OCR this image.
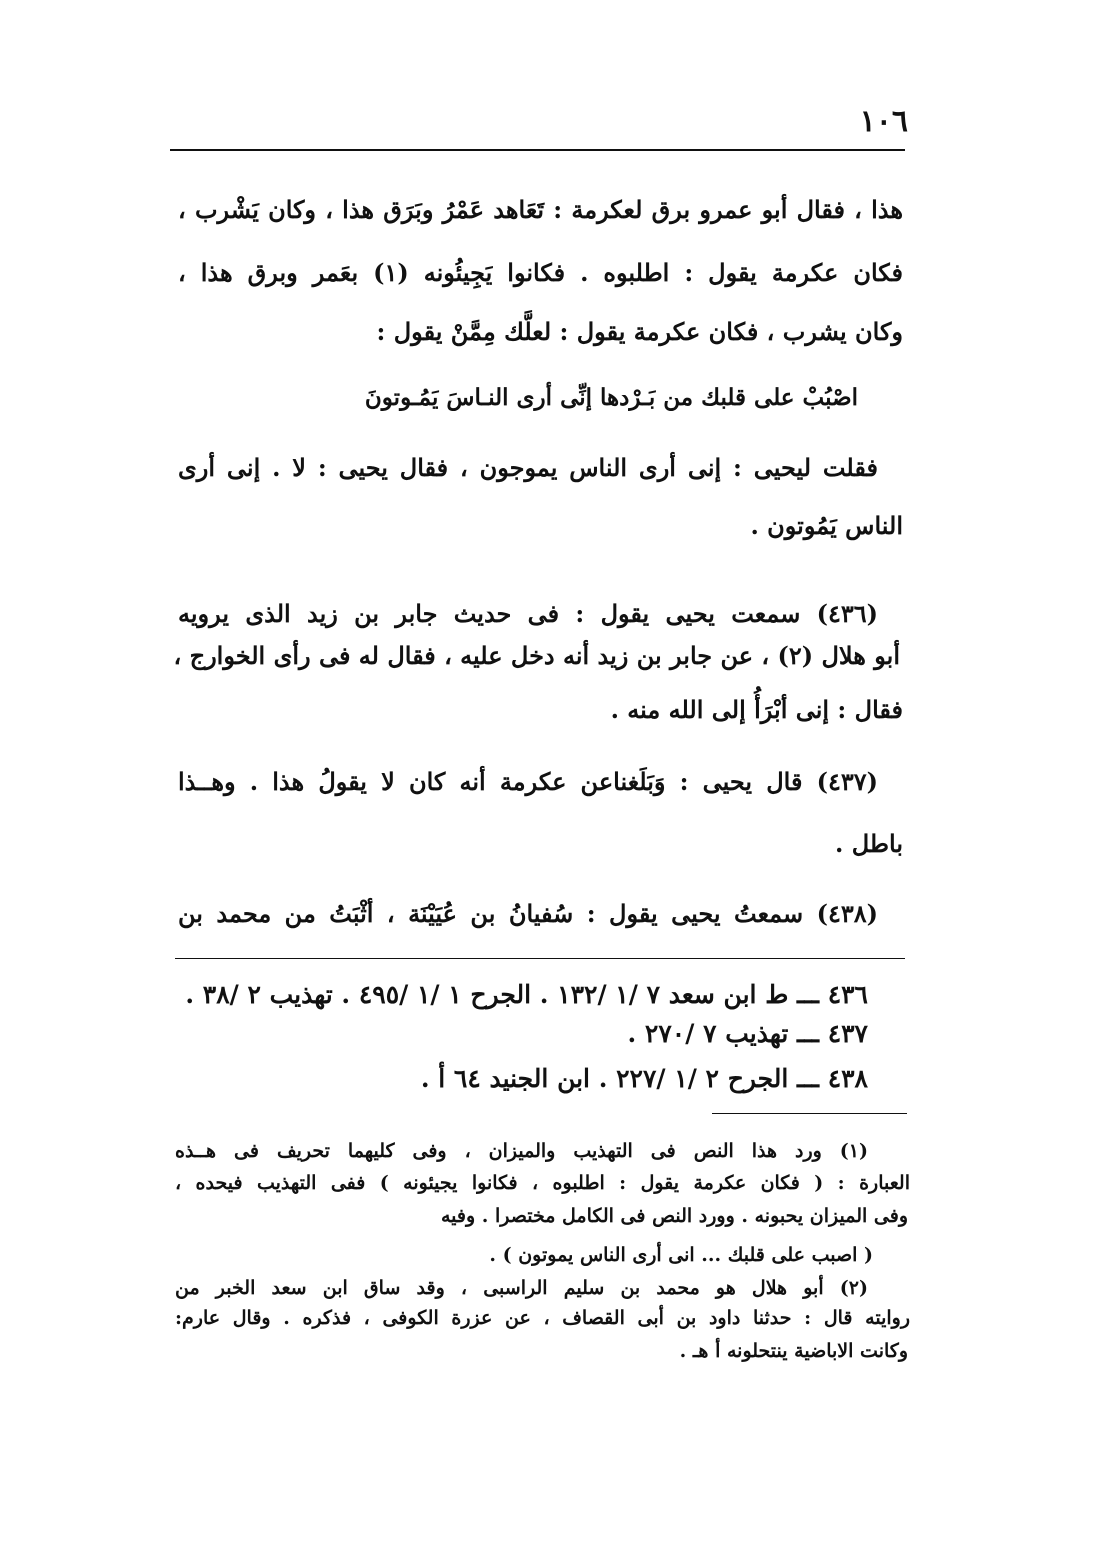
١٠٦
هذا ، فقال أبو عمرو برق لعكرمة : تَعَاهد عَمْرُ وبَرَق هذا ، وكان يَشْرب ،
فكان عكرمة يقول : اطلبوه . فكانوا يَجِيئُونه (١) بعَمر وبرق هذا ،
وكان يشرب ، فكان عكرمة يقول : لعلَّك مِمَّنْ يقول :
اصْبُبْ على قلبك من بَـرْدها إنِّى أرى النـاسَ يَمُـوتونَ
فقلت ليحيى : إنى أرى الناس يموجون ، فقال يحيى : لا . إنى أرى
الناس يَمُوتون .
(٤٣٦) سمعت يحيى يقول : فى حديث جابر بن زيد الذى يرويه
أبو هلال (٢) ، عن جابر بن زيد أنه دخل عليه ، فقال له فى رأى الخوارج ،
فقال : إنى أبْرَأُ إلى الله منه .
(٤٣٧) قال يحيى : وَبَلَغناعن عكرمة أنه كان لا يقولُ هذا . وهــذا
باطل .
(٤٣٨) سمعتُ يحيى يقول : سُفيانُ بن عُيَيْنَة ، أثْبَتُ من محمد بن
٤٣٦ ـــ ط ابن سعد ٧ /١ /١٣٢ . الجرح ١ /١ /٤٩٥ . تهذيب ٢ /٣٨ .
٤٣٧ ـــ تهذيب ٧ /٢٧٠ .
٤٣٨ ـــ الجرح ٢ /١ /٢٢٧ . ابن الجنيد ٦٤ أ .
(١) ورد هذا النص فى التهذيب والميزان ، وفى كليهما تحريف فى هــذه
العبارة : ( فكان عكرمة يقول : اطلبوه ، فكانوا يجيئونه ) ففى التهذيب فيحده ،
وفى الميزان يحبونه . وورد النص فى الكامل مختصرا . وفيه
( اصبب على قلبك ... انى أرى الناس يموتون ) .
(٢) أبو هلال هو محمد بن سليم الراسبى ، وقد ساق ابن سعد الخبر من
روايته قال : حدثنا داود بن أبى القصاف ، عن عزرة الكوفى ، فذكره . وقال عارم:
وكانت الاباضية ينتحلونه أ هـ .
